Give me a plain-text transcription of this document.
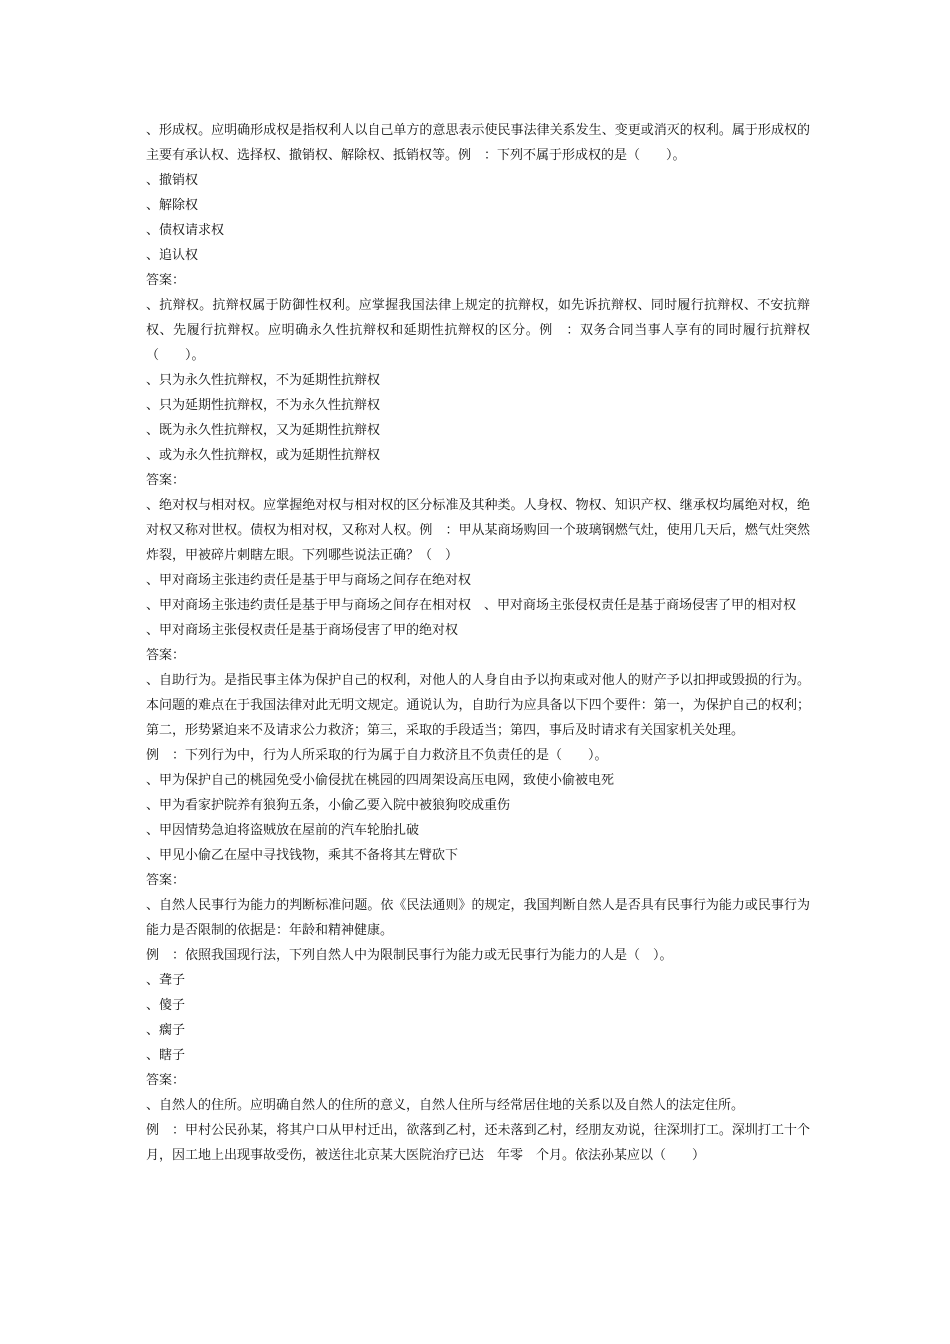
、形成权。应明确形成权是指权利人以自己单方的意思表示使民事法律关系发生、变更或消灭的权利。属于形成权的主要有承认权、选择权、撤销权、解除权、抵销权等。例　：下列不属于形成权的是（　　）。

、撤销权

、解除权

、债权请求权

、追认权

答案：

、抗辩权。抗辩权属于防御性权利。应掌握我国法律上规定的抗辩权，如先诉抗辩权、同时履行抗辩权、不安抗辩权、先履行抗辩权。应明确永久性抗辩权和延期性抗辩权的区分。例　：双务合同当事人享有的同时履行抗辩权（　　）。

、只为永久性抗辩权，不为延期性抗辩权

、只为延期性抗辩权，不为永久性抗辩权

、既为永久性抗辩权，又为延期性抗辩权

、或为永久性抗辩权，或为延期性抗辩权

答案：

、绝对权与相对权。应掌握绝对权与相对权的区分标准及其种类。人身权、物权、知识产权、继承权均属绝对权，绝对权又称对世权。债权为相对权，又称对人权。例　：甲从某商场购回一个玻璃钢燃气灶，使用几天后，燃气灶突然炸裂，甲被碎片刺瞎左眼。下列哪些说法正确？（　）

、甲对商场主张违约责任是基于甲与商场之间存在绝对权

、甲对商场主张违约责任是基于甲与商场之间存在相对权　、甲对商场主张侵权责任是基于商场侵害了甲的相对权

、甲对商场主张侵权责任是基于商场侵害了甲的绝对权

答案：

、自助行为。是指民事主体为保护自己的权利，对他人的人身自由予以拘束或对他人的财产予以扣押或毁损的行为。本问题的难点在于我国法律对此无明文规定。通说认为，自助行为应具备以下四个要件：第一，为保护自己的权利；第二，形势紧迫来不及请求公力救济；第三，采取的手段适当；第四，事后及时请求有关国家机关处理。

例　：下列行为中，行为人所采取的行为属于自力救济且不负责任的是（　　）。

、甲为保护自己的桃园免受小偷侵扰在桃园的四周架设高压电网，致使小偷被电死

、甲为看家护院养有狼狗五条，小偷乙要入院中被狼狗咬成重伤

、甲因情势急迫将盗贼放在屋前的汽车轮胎扎破

、甲见小偷乙在屋中寻找钱物，乘其不备将其左臂砍下

答案：

、自然人民事行为能力的判断标准问题。依《民法通则》的规定，我国判断自然人是否具有民事行为能力或民事行为能力是否限制的依据是：年龄和精神健康。

例　：依照我国现行法，下列自然人中为限制民事行为能力或无民事行为能力的人是（　）。

、聋子

、傻子

、瘸子

、瞎子

答案：

、自然人的住所。应明确自然人的住所的意义，自然人住所与经常居住地的关系以及自然人的法定住所。

例　：甲村公民孙某，将其户口从甲村迁出，欲落到乙村，还未落到乙村，经朋友劝说，往深圳打工。深圳打工十个月，因工地上出现事故受伤，被送往北京某大医院治疗已达　年零　个月。依法孙某应以（　　）
